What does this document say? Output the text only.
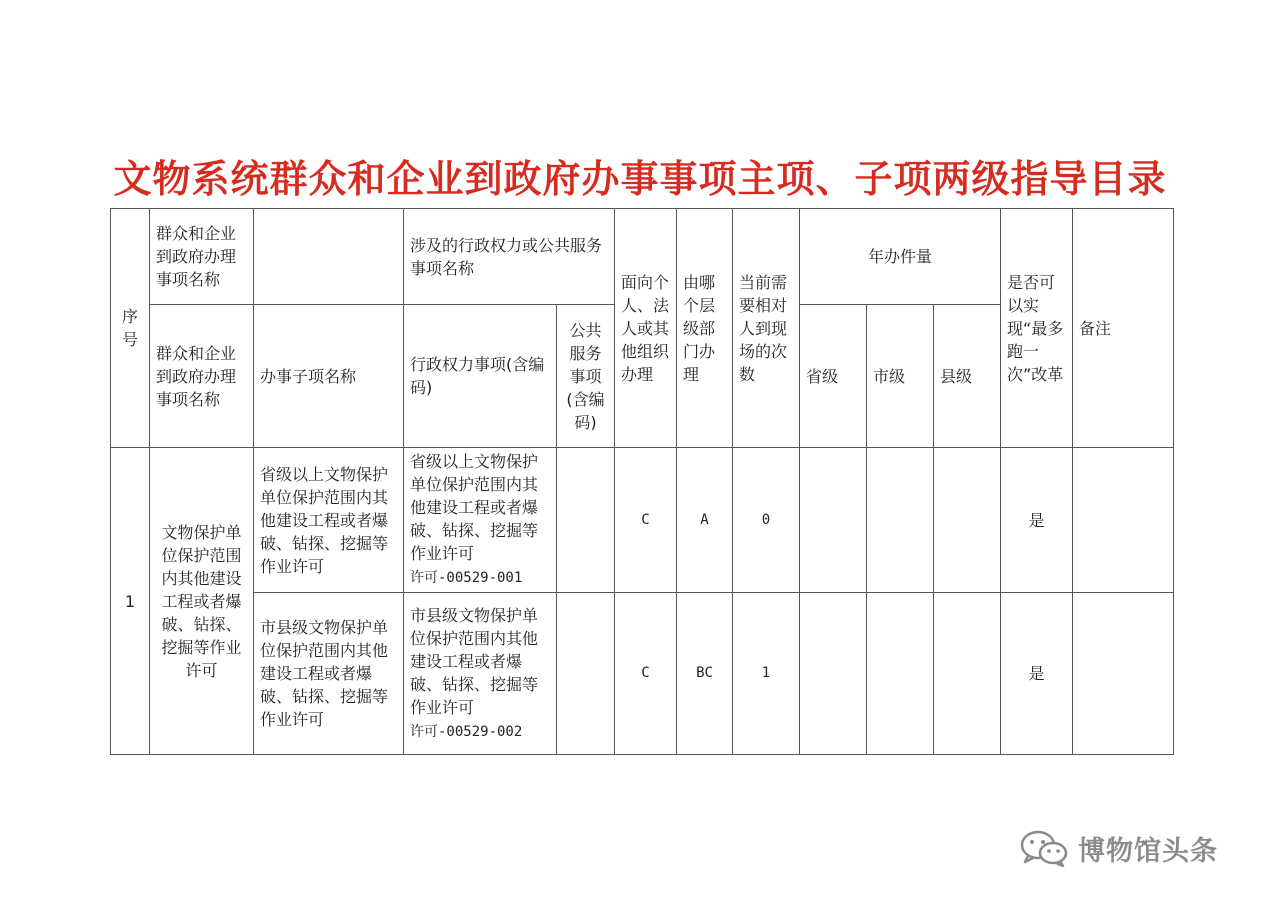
文物系统群众和企业到政府办事事项主项、子项两级指导目录
序号	群众和企业到政府办理事项名称		涉及的行政权力或公共服务事项名称		面向个人、法人或其他组织办理	由哪个层级部门办理	当前需要相对人到现场的次数	年办件量			是否可以实现“最多跑一次”改革	备注
	群众和企业到政府办理事项名称	办事子项名称	行政权力事项(含编码)	公共服务事项(含编码)				省级	市级	县级		
1	文物保护单位保护范围内其他建设工程或者爆破、钻探、挖掘等作业许可	省级以上文物保护单位保护范围内其他建设工程或者爆破、钻探、挖掘等作业许可	省级以上文物保护单位保护范围内其他建设工程或者爆破、钻探、挖掘等作业许可
许可-00529-001		C	A	0				是	
		市县级文物保护单位保护范围内其他建设工程或者爆破、钻探、挖掘等作业许可	市县级文物保护单位保护范围内其他建设工程或者爆破、钻探、挖掘等作业许可
许可-00529-002		C	BC	1				是	
博物馆头条
